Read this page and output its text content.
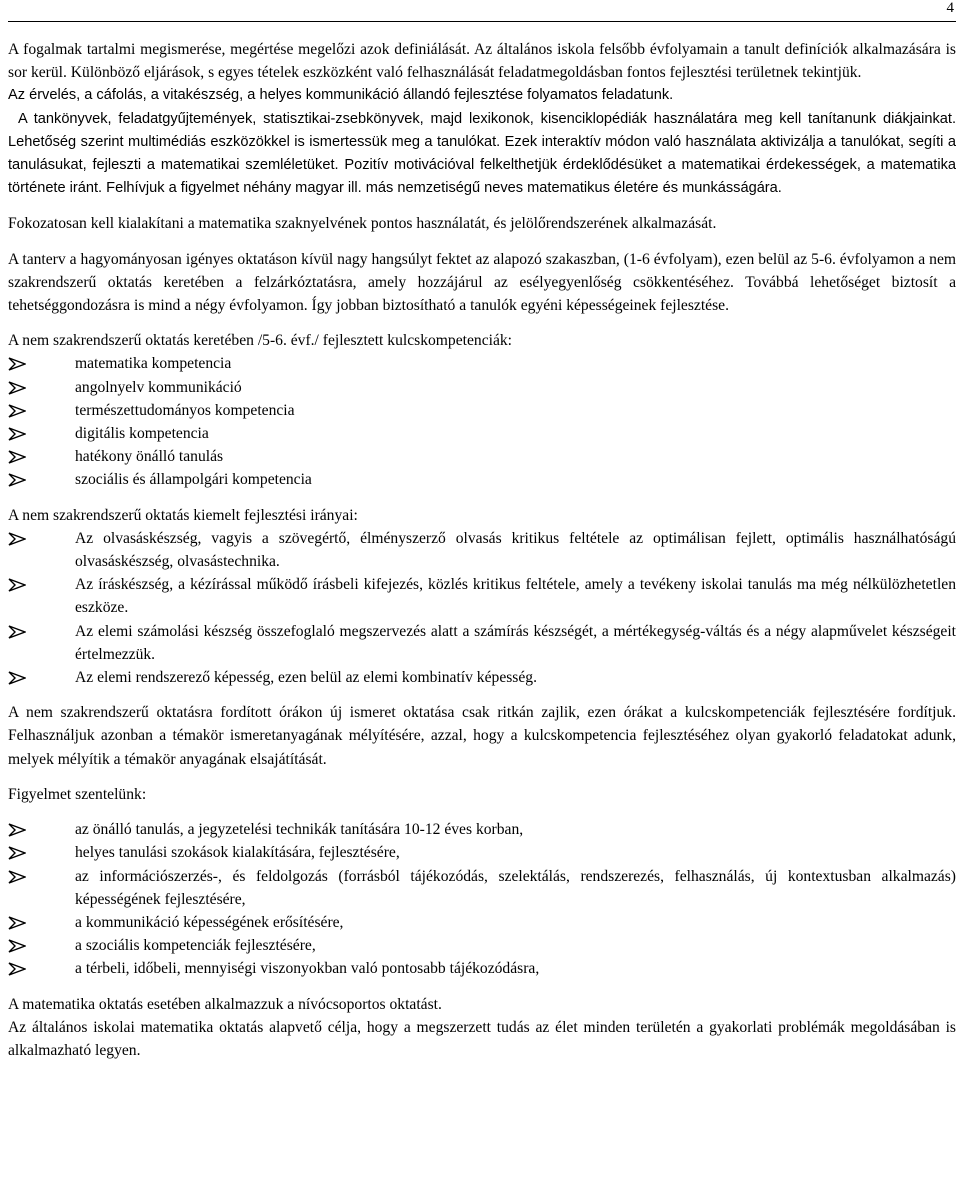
4

A fogalmak tartalmi megismerése, megértése megelőzi azok definiálását. Az általános iskola felsőbb évfolyamain a tanult definíciók alkalmazására is sor kerül. Különböző eljárások, s egyes tételek eszközként való felhasználását feladatmegoldásban fontos fejlesztési területnek tekintjük.

Az érvelés, a cáfolás, a vitakészség, a helyes kommunikáció állandó fejlesztése folyamatos feladatunk.

A tankönyvek, feladatgyűjtemények, statisztikai-zsebkönyvek, majd lexikonok, kisenciklopédiák használatára meg kell tanítanunk diákjainkat. Lehetőség szerint multimédiás eszközökkel is ismertessük meg a tanulókat. Ezek interaktív módon való használata aktivizálja a tanulókat, segíti a tanulásukat, fejleszti a matematikai szemléletüket. Pozitív motivációval felkelthetjük érdeklődésüket a matematikai érdekességek, a matematika története iránt. Felhívjuk a figyelmet néhány magyar ill. más nemzetiségű neves matematikus életére és munkásságára.

Fokozatosan kell kialakítani a matematika szaknyelvének pontos használatát, és jelölőrendszerének alkalmazását.

A tanterv a hagyományosan igényes oktatáson kívül nagy hangsúlyt fektet az alapozó szakaszban, (1-6 évfolyam), ezen belül az 5-6. évfolyamon a nem szakrendszerű oktatás keretében a felzárkóztatásra, amely hozzájárul az esélyegyenlőség csökkentéséhez. Továbbá lehetőséget biztosít a tehetséggondozásra is mind a négy évfolyamon. Így jobban biztosítható a tanulók egyéni képességeinek fejlesztése.

A nem szakrendszerű oktatás keretében /5-6. évf./ fejlesztett kulcskompetenciák:

matematika kompetencia
angolnyelv kommunikáció
természettudományos kompetencia
digitális kompetencia
hatékony önálló tanulás
szociális és állampolgári kompetencia

A nem szakrendszerű oktatás kiemelt fejlesztési irányai:

Az olvasáskészség, vagyis a szövegértő, élményszerző olvasás kritikus feltétele az optimálisan fejlett, optimális használhatóságú olvasáskészség, olvasástechnika.
Az íráskészség, a kézírással működő írásbeli kifejezés, közlés kritikus feltétele, amely a tevékeny iskolai tanulás ma még nélkülözhetetlen eszköze.
Az elemi számolási készség összefoglaló megszervezés alatt a számírás készségét, a mértékegység-váltás és a négy alapművelet készségeit értelmezzük.
Az elemi rendszerező képesség, ezen belül az elemi kombinatív képesség.

A nem szakrendszerű oktatásra fordított órákon új ismeret oktatása csak ritkán zajlik, ezen órákat a kulcskompetenciák fejlesztésére fordítjuk. Felhasználjuk azonban a témakör ismeretanyagának mélyítésére, azzal, hogy a kulcskompetencia fejlesztéséhez olyan gyakorló feladatokat adunk, melyek mélyítik a témakör anyagának elsajátítását.

Figyelmet szentelünk:

az önálló tanulás, a jegyzetelési technikák tanítására 10-12 éves korban,
helyes tanulási szokások kialakítására, fejlesztésére,
az információszerzés-, és feldolgozás (forrásból tájékozódás, szelektálás, rendszerezés, felhasználás, új kontextusban alkalmazás) képességének fejlesztésére,
a kommunikáció képességének erősítésére,
a szociális kompetenciák fejlesztésére,
a térbeli, időbeli, mennyiségi viszonyokban való pontosabb tájékozódásra,

A matematika oktatás esetében alkalmazzuk a nívócsoportos oktatást.

Az általános iskolai matematika oktatás alapvető célja, hogy a megszerzett tudás az élet minden területén a gyakorlati problémák megoldásában is alkalmazható legyen.
